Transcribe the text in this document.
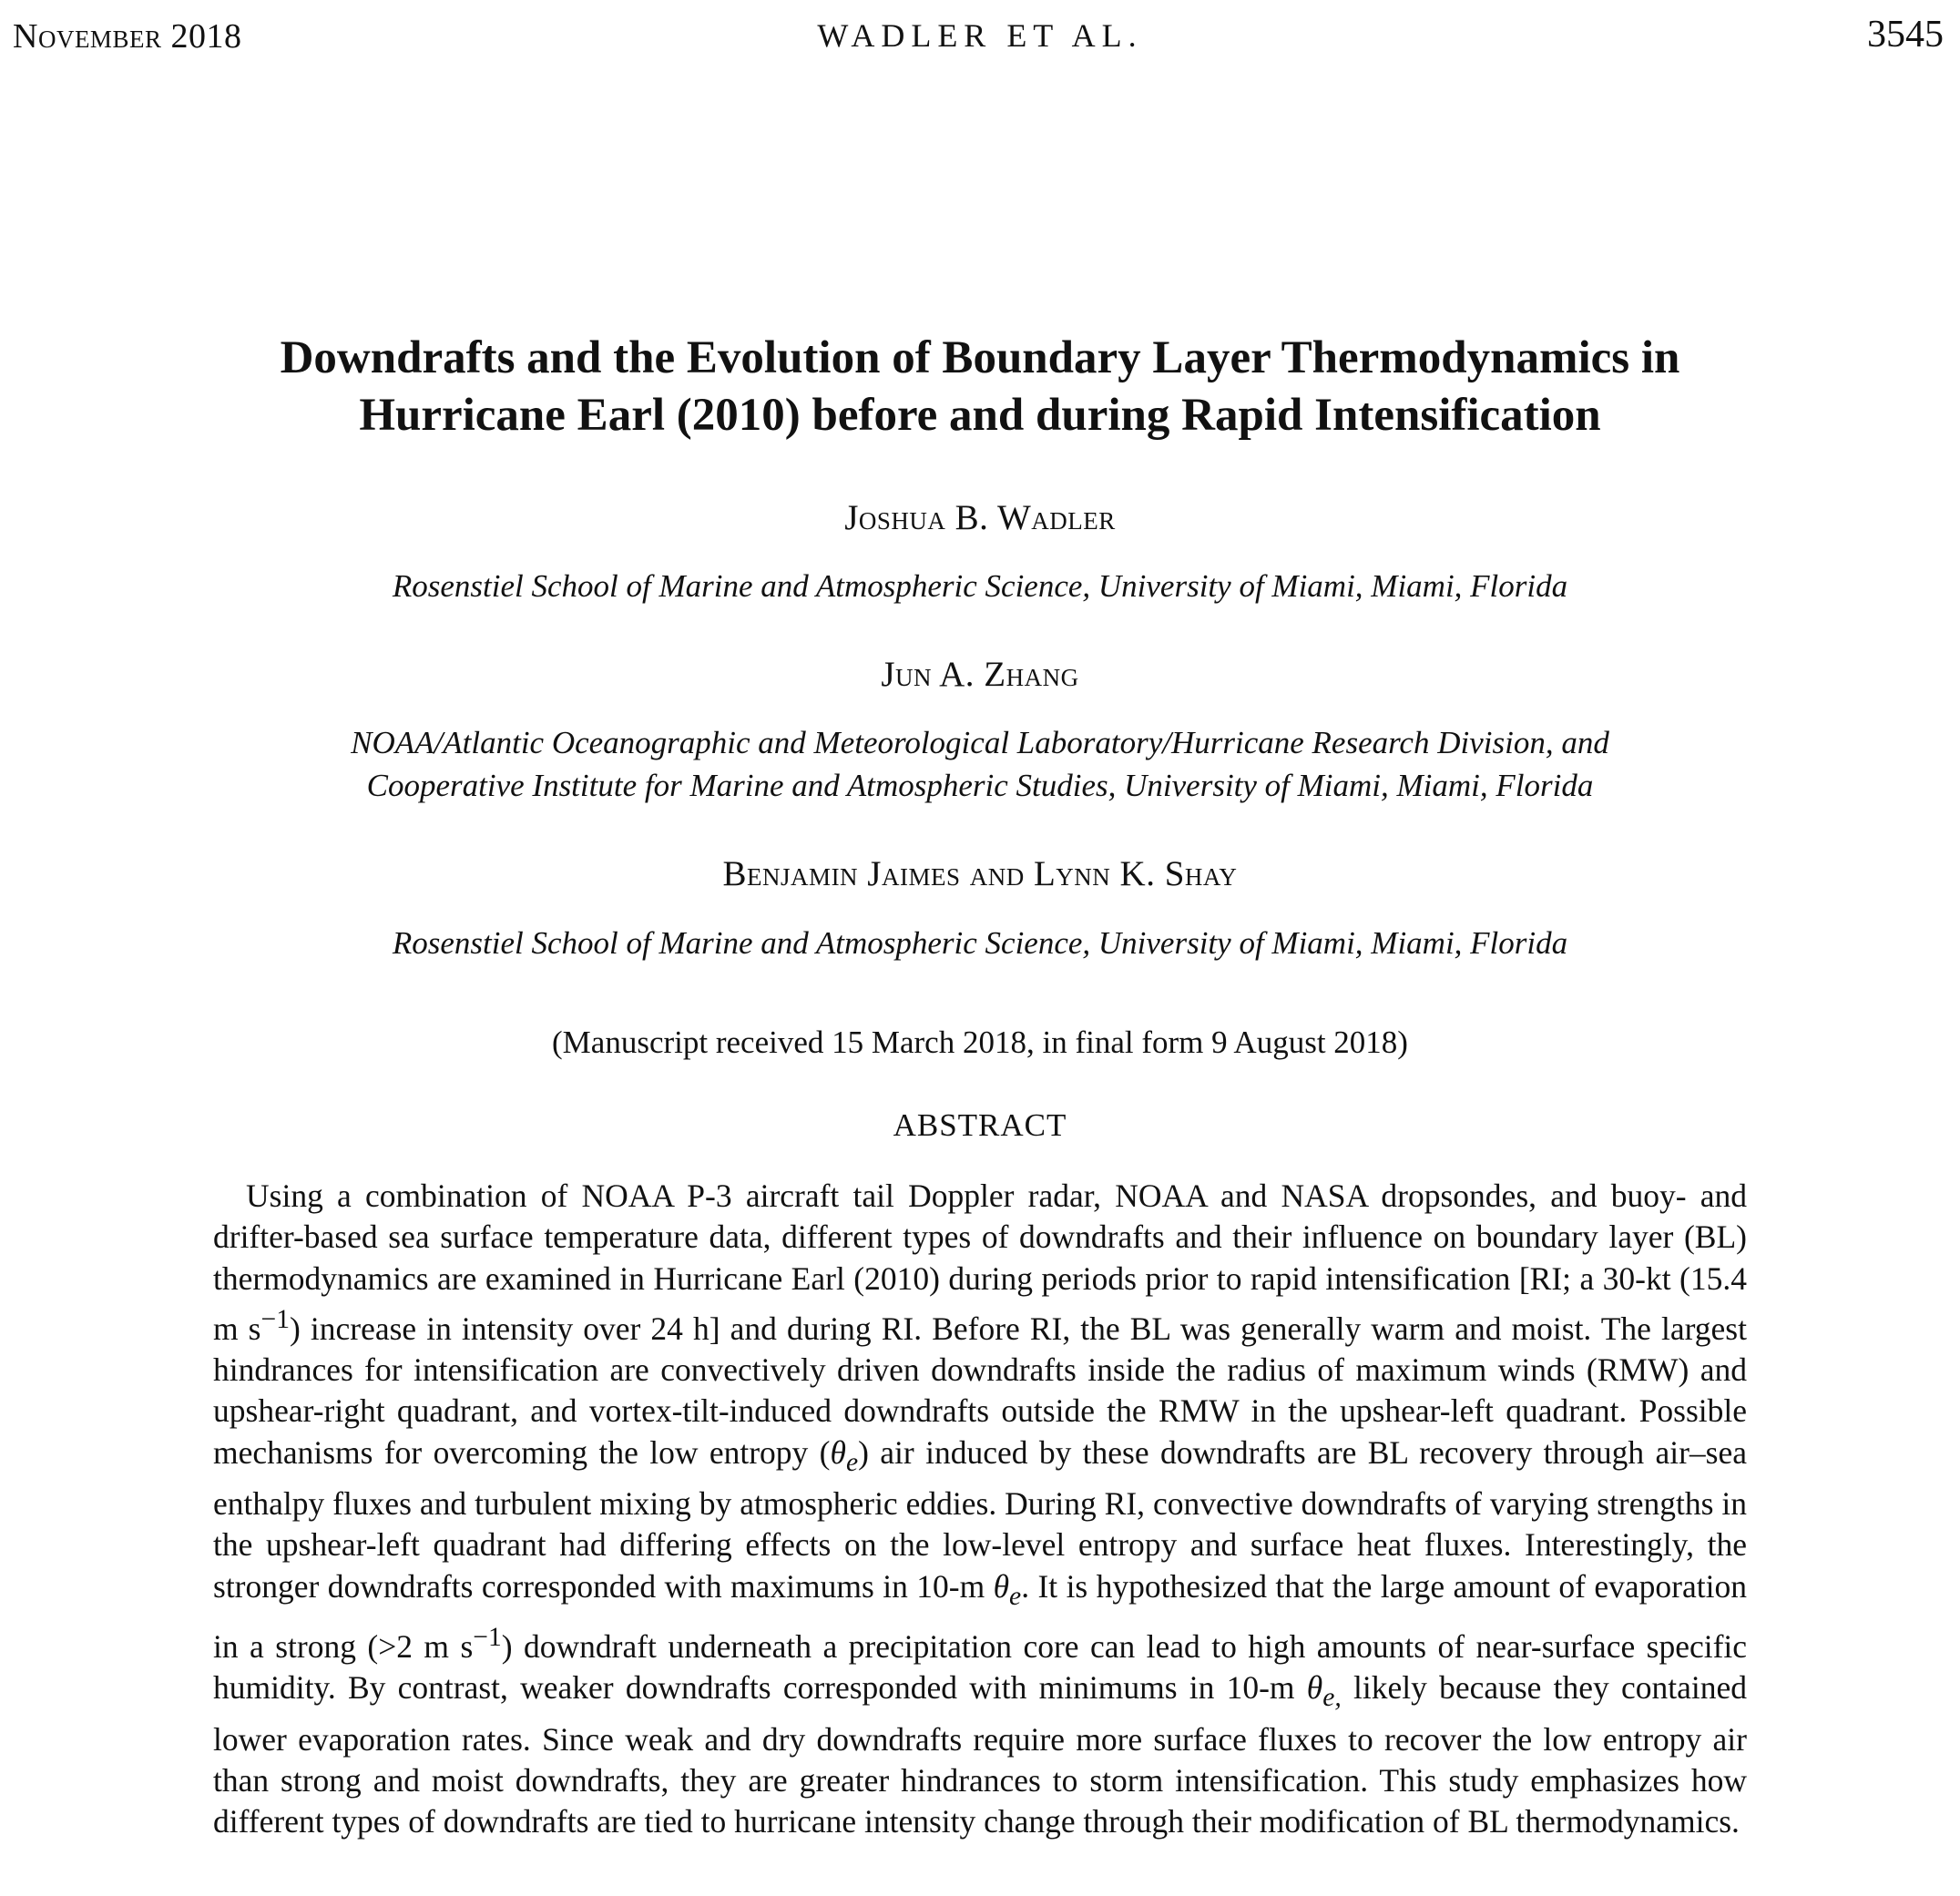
November 2018	WADLER ET AL.	3545
Downdrafts and the Evolution of Boundary Layer Thermodynamics in
Hurricane Earl (2010) before and during Rapid Intensification
Joshua B. Wadler
Rosenstiel School of Marine and Atmospheric Science, University of Miami, Miami, Florida
Jun A. Zhang
NOAA/Atlantic Oceanographic and Meteorological Laboratory/Hurricane Research Division, and
Cooperative Institute for Marine and Atmospheric Studies, University of Miami, Miami, Florida
Benjamin Jaimes and Lynn K. Shay
Rosenstiel School of Marine and Atmospheric Science, University of Miami, Miami, Florida
(Manuscript received 15 March 2018, in final form 9 August 2018)
ABSTRACT
Using a combination of NOAA P-3 aircraft tail Doppler radar, NOAA and NASA dropsondes, and buoy- and drifter-based sea surface temperature data, different types of downdrafts and their influence on boundary layer (BL) thermodynamics are examined in Hurricane Earl (2010) during periods prior to rapid intensification [RI; a 30-kt (15.4 m $s^{-1}$) increase in intensity over 24 h] and during RI. Before RI, the BL was generally warm and moist. The largest hindrances for intensification are convectively driven downdrafts inside the radius of maximum winds (RMW) and upshear-right quadrant, and vortex-tilt-induced downdrafts outside the RMW in the upshear-left quadrant. Possible mechanisms for overcoming the low entropy $(\theta_e)$ air induced by these downdrafts are BL recovery through air–sea enthalpy fluxes and turbulent mixing by atmospheric eddies. During RI, convective downdrafts of varying strengths in the upshear-left quadrant had differing effects on the low-level entropy and surface heat fluxes. Interestingly, the stronger downdrafts corresponded with maximums in 10-m $\theta_e$. It is hypothesized that the large amount of evaporation in a strong (>2 m $s^{-1}$) downdraft underneath a precipitation core can lead to high amounts of near-surface specific humidity. By contrast, weaker downdrafts corresponded with minimums in 10-m $\theta_{e,}$ likely because they contained lower evaporation rates. Since weak and dry downdrafts require more surface fluxes to recover the low entropy air than strong and moist downdrafts, they are greater hindrances to storm intensification. This study emphasizes how different types of downdrafts are tied to hurricane intensity change through their modification of BL thermodynamics.
